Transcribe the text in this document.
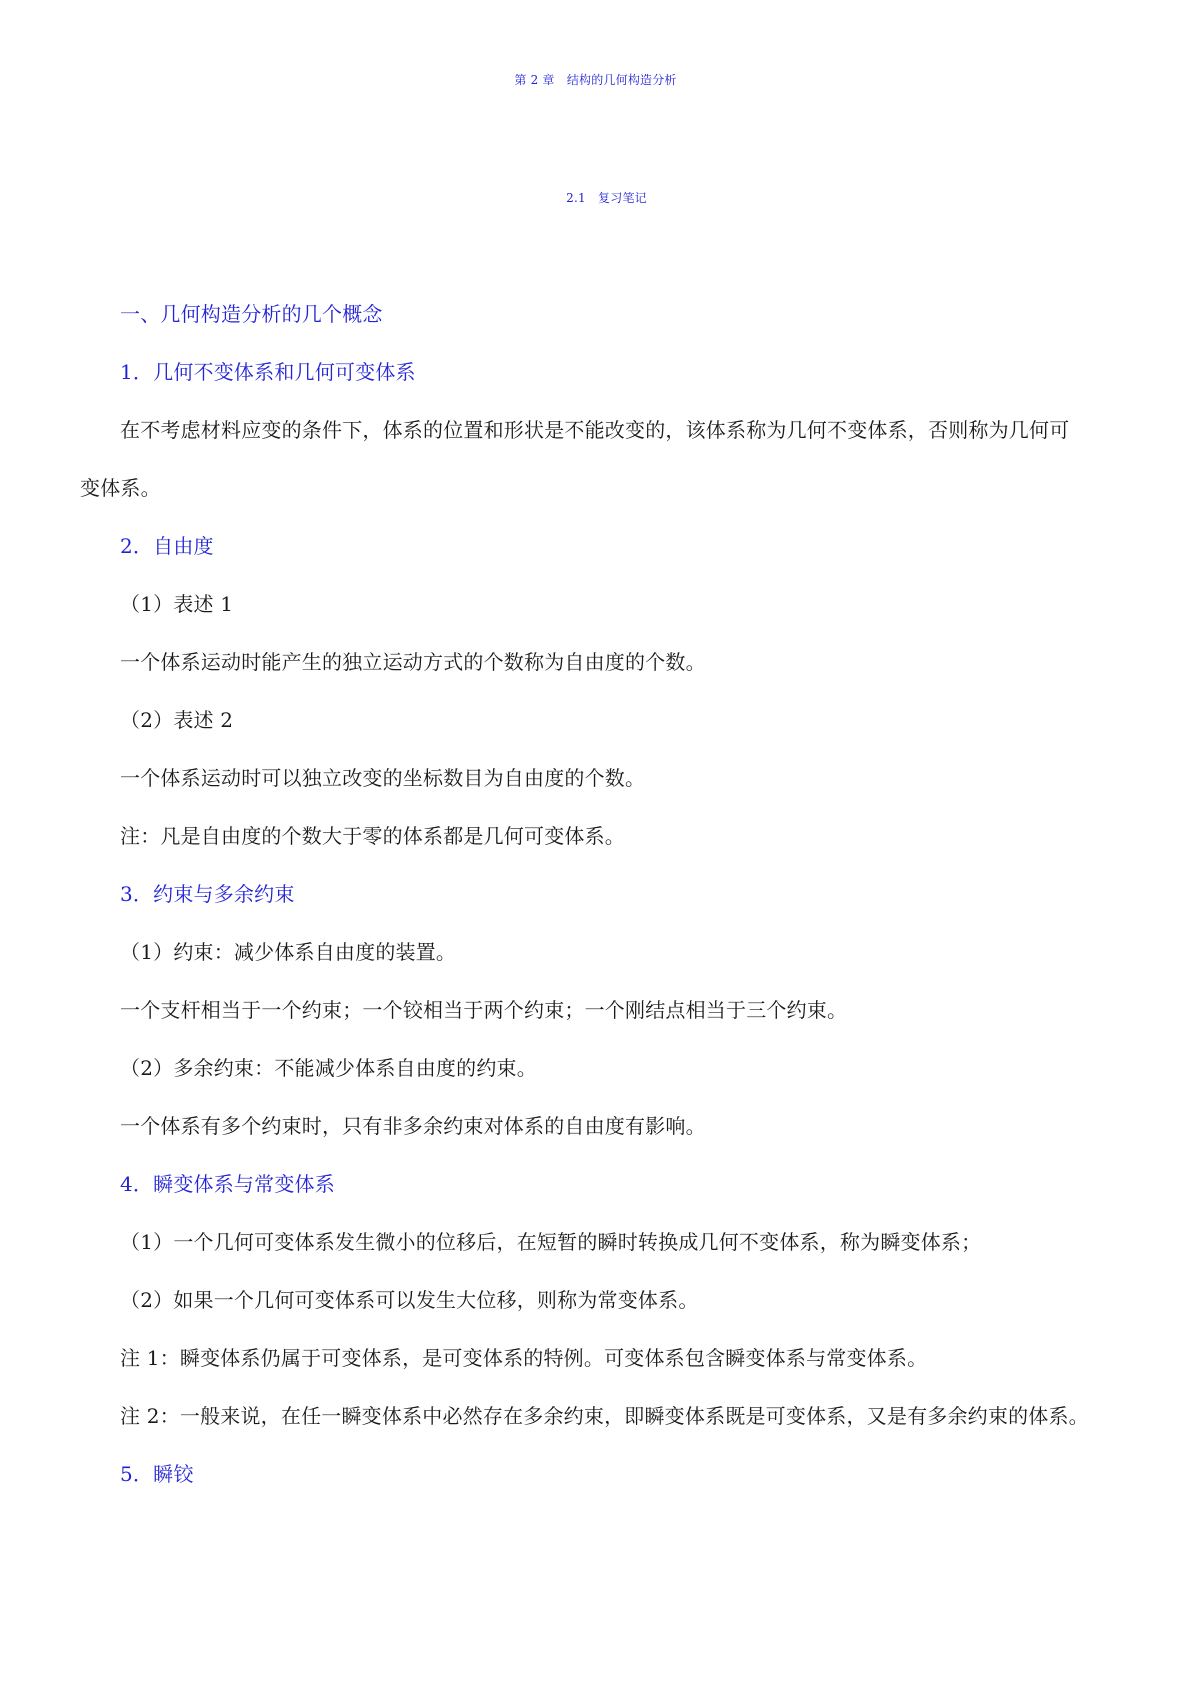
第 2 章　结构的几何构造分析
2.1　复习笔记
一、几何构造分析的几个概念
1．几何不变体系和几何可变体系
在不考虑材料应变的条件下，体系的位置和形状是不能改变的，该体系称为几何不变体系，否则称为几何可
变体系。
2．自由度
（1）表述 1
一个体系运动时能产生的独立运动方式的个数称为自由度的个数。
（2）表述 2
一个体系运动时可以独立改变的坐标数目为自由度的个数。
注：凡是自由度的个数大于零的体系都是几何可变体系。
3．约束与多余约束
（1）约束：减少体系自由度的装置。
一个支杆相当于一个约束；一个铰相当于两个约束；一个刚结点相当于三个约束。
（2）多余约束：不能减少体系自由度的约束。
一个体系有多个约束时，只有非多余约束对体系的自由度有影响。
4．瞬变体系与常变体系
（1）一个几何可变体系发生微小的位移后，在短暂的瞬时转换成几何不变体系，称为瞬变体系；
（2）如果一个几何可变体系可以发生大位移，则称为常变体系。
注 1：瞬变体系仍属于可变体系，是可变体系的特例。可变体系包含瞬变体系与常变体系。
注 2：一般来说，在任一瞬变体系中必然存在多余约束，即瞬变体系既是可变体系，又是有多余约束的体系。
5．瞬铰
